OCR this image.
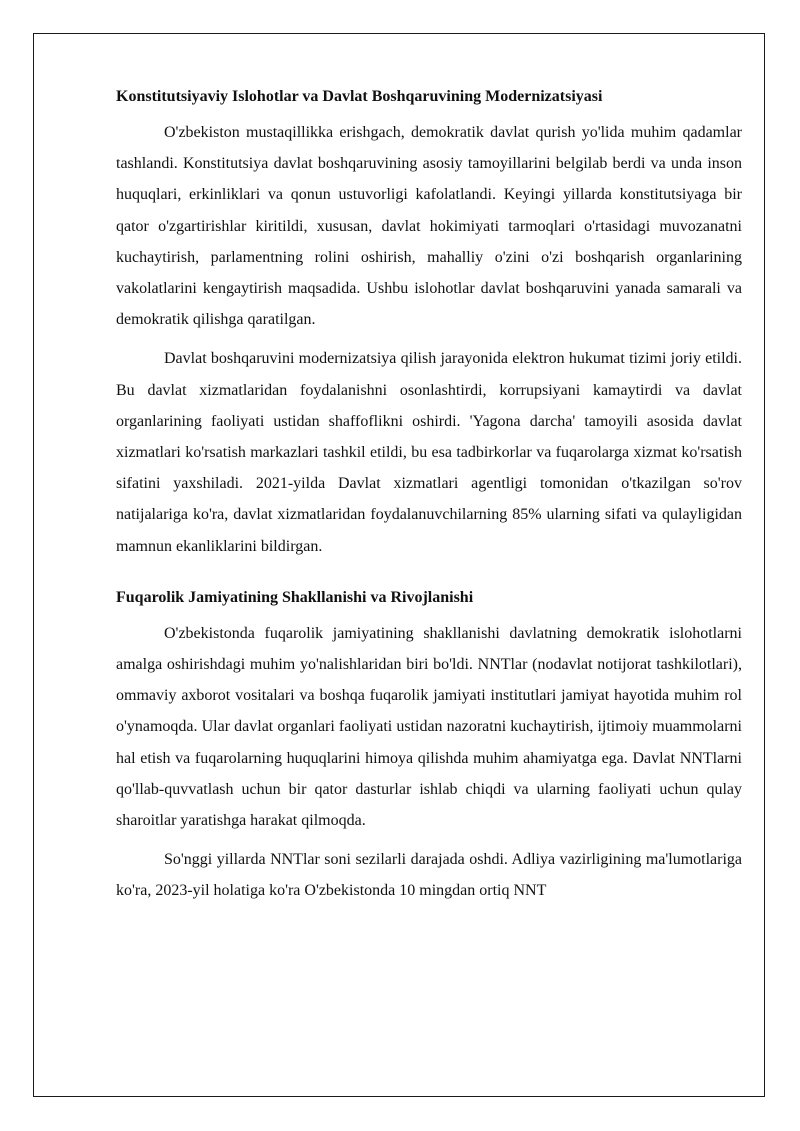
Konstitutsiyaviy Islohotlar va Davlat Boshqaruvining Modernizatsiyasi

O'zbekiston mustaqillikka erishgach, demokratik davlat qurish yo'lida muhim qadamlar tashlandi. Konstitutsiya davlat boshqaruvining asosiy tamoyillarini belgilab berdi va unda inson huquqlari, erkinliklari va qonun ustuvorligi kafolatlandi. Keyingi yillarda konstitutsiyaga bir qator o'zgartirishlar kiritildi, xususan, davlat hokimiyati tarmoqlari o'rtasidagi muvozanatni kuchaytirish, parlamentning rolini oshirish, mahalliy o'zini o'zi boshqarish organlarining vakolatlarini kengaytirish maqsadida. Ushbu islohotlar davlat boshqaruvini yanada samarali va demokratik qilishga qaratilgan.

Davlat boshqaruvini modernizatsiya qilish jarayonida elektron hukumat tizimi joriy etildi. Bu davlat xizmatlaridan foydalanishni osonlashtirdi, korrupsiyani kamaytirdi va davlat organlarining faoliyati ustidan shaffoflikni oshirdi. 'Yagona darcha' tamoyili asosida davlat xizmatlari ko'rsatish markazlari tashkil etildi, bu esa tadbirkorlar va fuqarolarga xizmat ko'rsatish sifatini yaxshiladi. 2021-yilda Davlat xizmatlari agentligi tomonidan o'tkazilgan so'rov natijalariga ko'ra, davlat xizmatlaridan foydalanuvchilarning 85% ularning sifati va qulayligidan mamnun ekanliklarini bildirgan.

Fuqarolik Jamiyatining Shakllanishi va Rivojlanishi

O'zbekistonda fuqarolik jamiyatining shakllanishi davlatning demokratik islohotlarni amalga oshirishdagi muhim yo'nalishlaridan biri bo'ldi. NNTlar (nodavlat notijorat tashkilotlari), ommaviy axborot vositalari va boshqa fuqarolik jamiyati institutlari jamiyat hayotida muhim rol o'ynamoqda. Ular davlat organlari faoliyati ustidan nazoratni kuchaytirish, ijtimoiy muammolarni hal etish va fuqarolarning huquqlarini himoya qilishda muhim ahamiyatga ega. Davlat NNTlarni qo'llab-quvvatlash uchun bir qator dasturlar ishlab chiqdi va ularning faoliyati uchun qulay sharoitlar yaratishga harakat qilmoqda.

So'nggi yillarda NNTlar soni sezilarli darajada oshdi. Adliya vazirligining ma'lumotlariga ko'ra, 2023-yil holatiga ko'ra O'zbekistonda 10 mingdan ortiq NNT
